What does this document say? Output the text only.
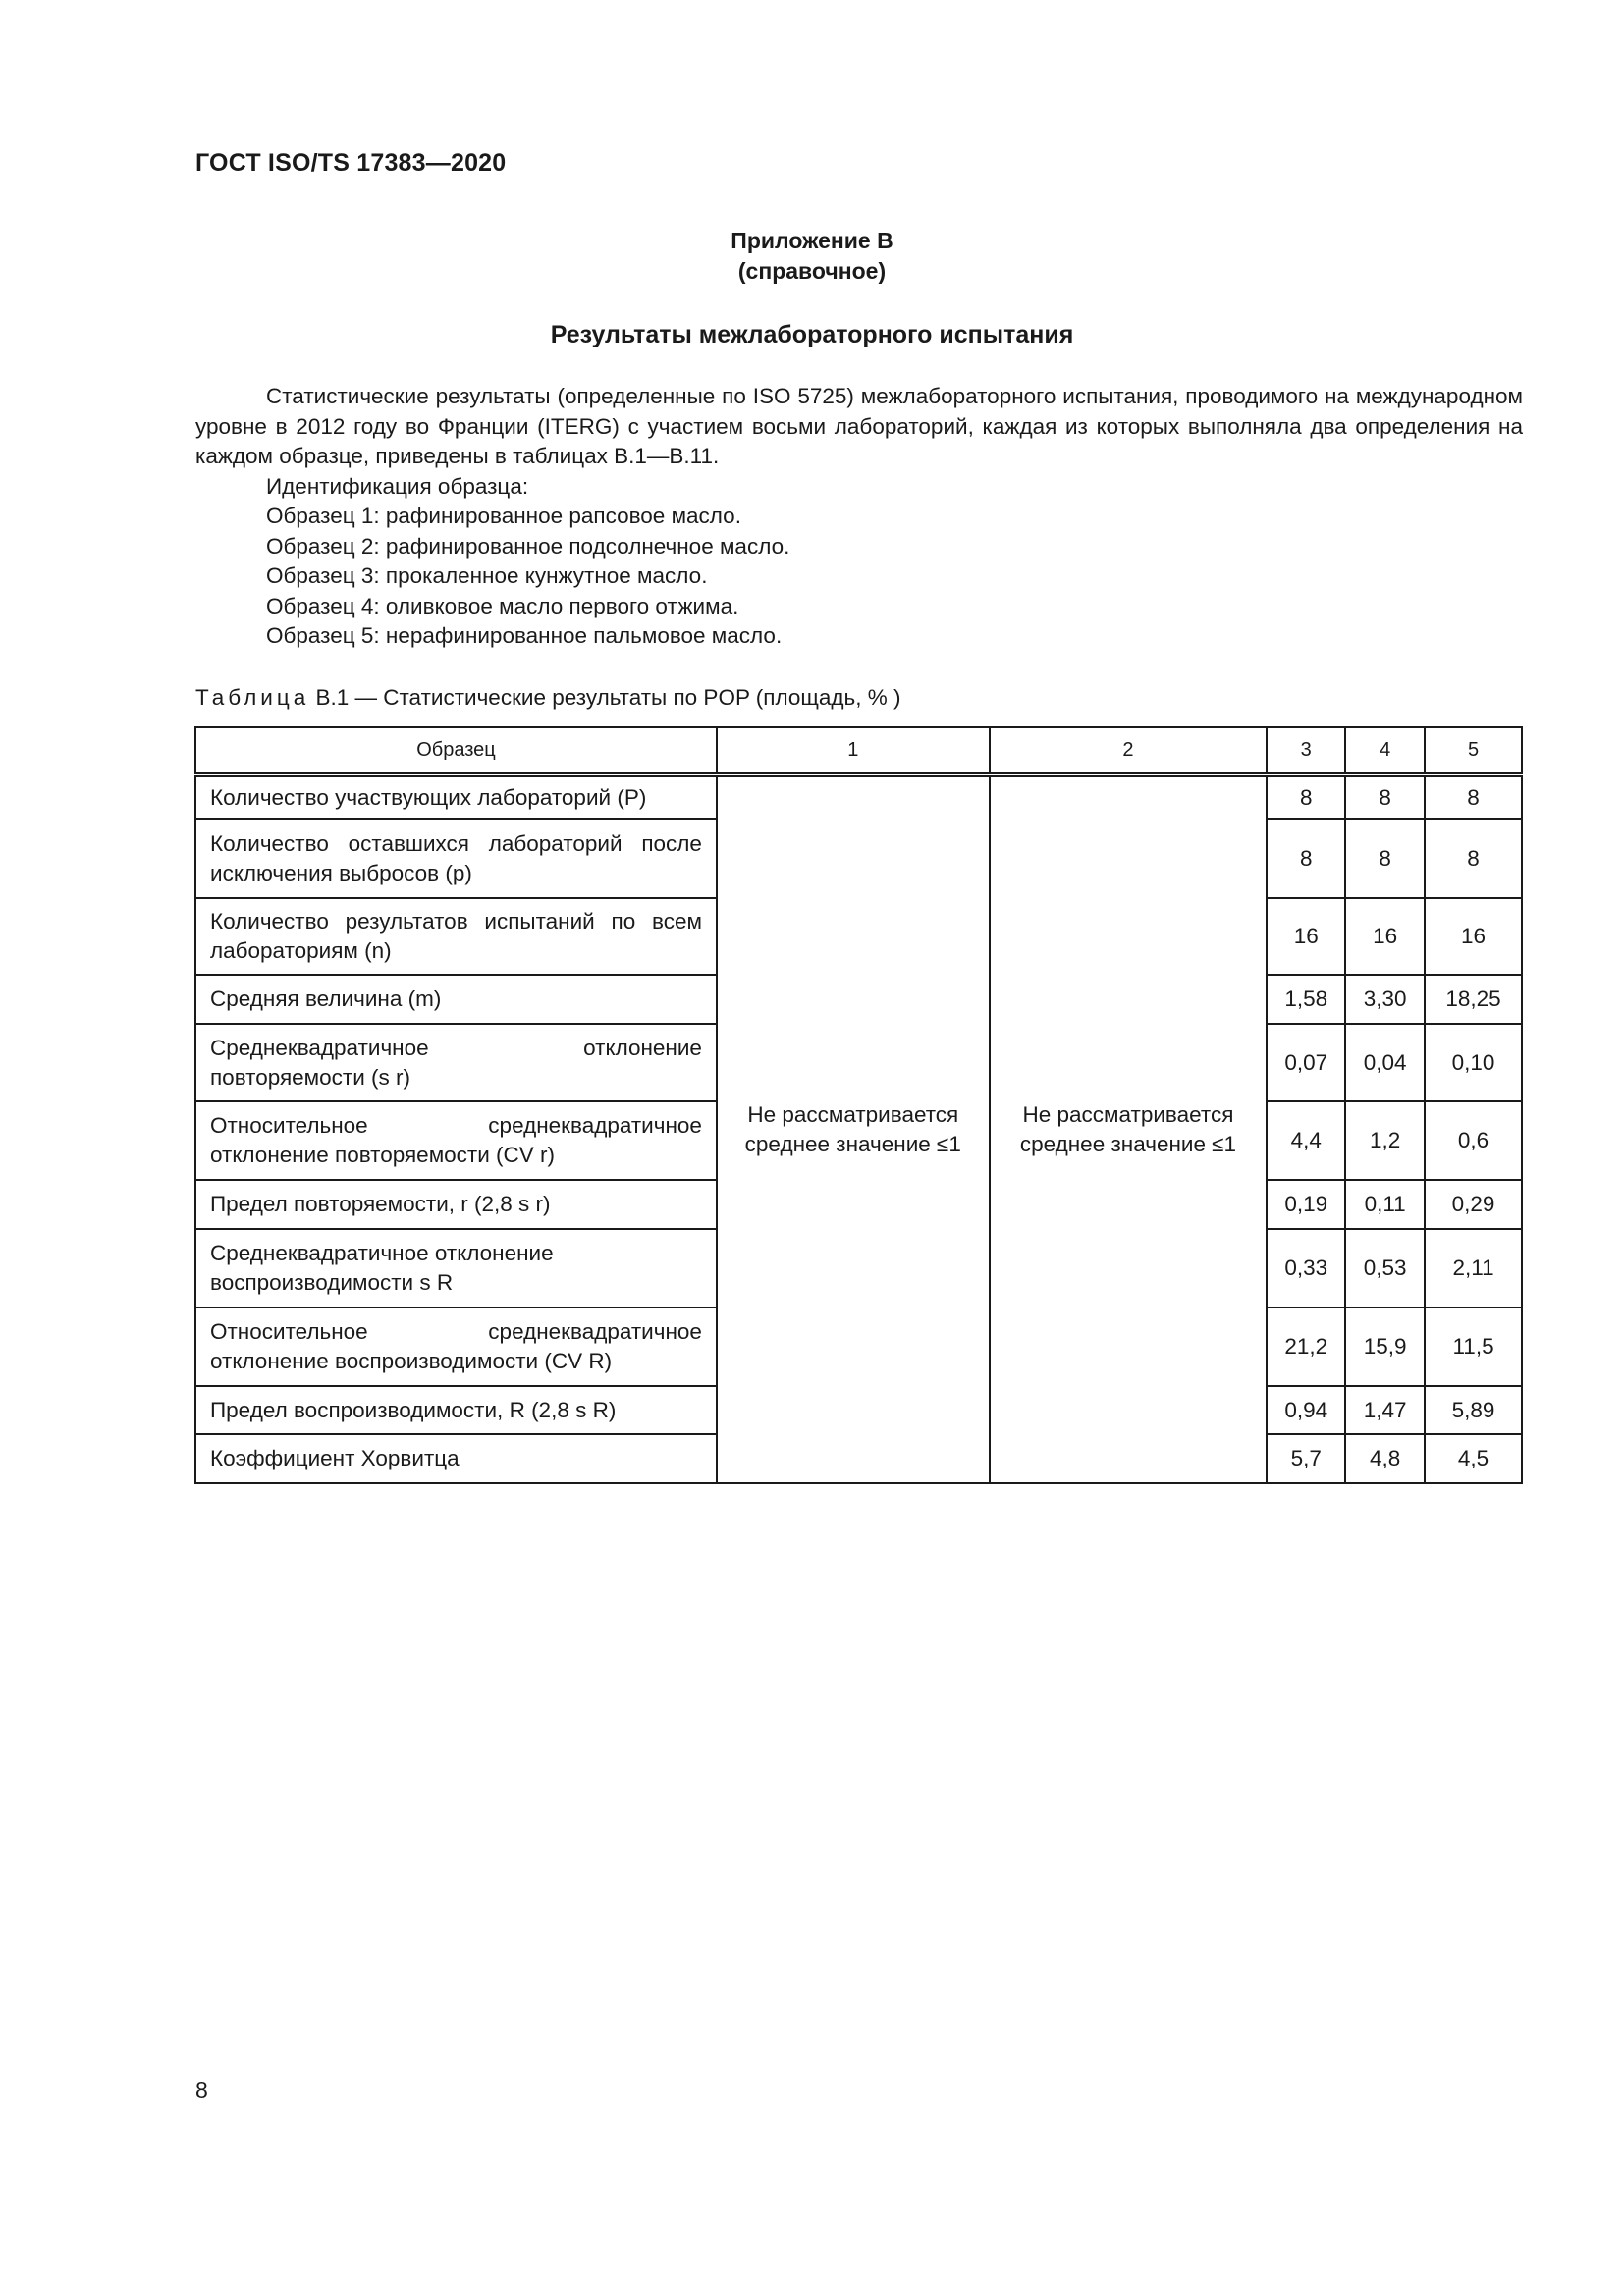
ГОСТ ISO/TS 17383—2020
Приложение В
(справочное)
Результаты межлабораторного испытания

Статистические результаты (определенные по ISO 5725) межлабораторного испытания, проводимого на международном уровне в 2012 году во Франции (ITERG) с участием восьми лабораторий, каждая из которых выполняла два определения на каждом образце, приведены в таблицах В.1—В.11.

Идентификация образца:

Образец 1: рафинированное рапсовое масло.

Образец 2: рафинированное подсолнечное масло.

Образец 3: прокаленное кунжутное масло.

Образец 4: оливковое масло первого отжима.

Образец 5: нерафинированное пальмовое масло.

Таблица В.1 — Статистические результаты по POP (площадь, % )
Образец	1	2	3	4	5
Количество участвующих лабораторий (P)	Не рассматривается среднее значение ≤1	Не рассматривается среднее значение ≤1	8	8	8
Количество оставшихся лабораторий после исключения выбросов (p)			8	8	8
Количество результатов испытаний по всем лабораториям (n)			16	16	16
Средняя величина (m)			1,58	3,30	18,25
Среднеквадратичное отклонение повторяемости (s r)			0,07	0,04	0,10
Относительное среднеквадратичное отклонение повторяемости (CV r)			4,4	1,2	0,6
Предел повторяемости, r (2,8 s r)			0,19	0,11	0,29
Среднеквадратичное отклонение воспроизводимости s R			0,33	0,53	2,11
Относительное среднеквадратичное отклонение воспроизводимости (CV R)			21,2	15,9	11,5
Предел воспроизводимости, R (2,8 s R)			0,94	1,47	5,89
Коэффициент Хорвитца			5,7	4,8	4,5
8
